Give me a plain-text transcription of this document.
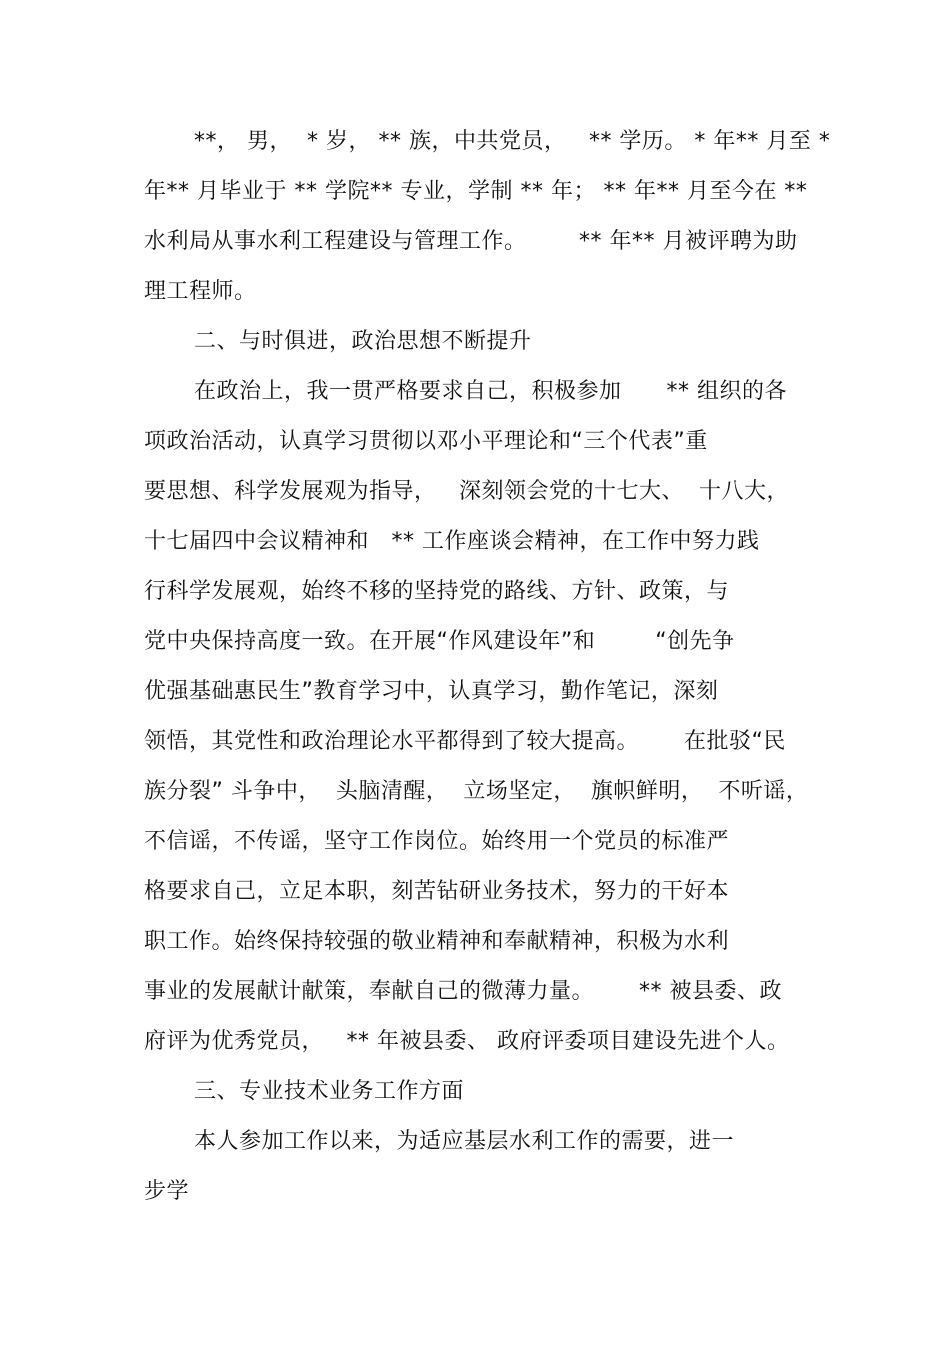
**， 男，  * 岁， ** 族，中共党员，   ** 学历。 * 年** 月至 *
年** 月毕业于 ** 学院** 专业，学制 ** 年； ** 年** 月至今在 **
水利局从事水利工程建设与管理工作。       ** 年** 月被评聘为助
理工程师。
二、与时俱进，政治思想不断提升
在政治上，我一贯严格要求自己，积极参加      ** 组织的各
项政治活动，认真学习贯彻以邓小平理论和“三个代表”重
要思想、科学发展观为指导，   深刻领会党的十七大、  十八大，
十七届四中会议精神和   ** 工作座谈会精神，在工作中努力践
行科学发展观，始终不移的坚持党的路线、方针、政策，与
党中央保持高度一致。在开展“作风建设年”和        “创先争
优强基础惠民生”教育学习中，认真学习，勤作笔记，深刻
领悟，其党性和政治理论水平都得到了较大提高。      在批驳“民
族分裂” 斗争中，  头脑清醒，  立场坚定，  旗帜鲜明，  不听谣，
不信谣，不传谣，坚守工作岗位。始终用一个党员的标准严
格要求自己，立足本职，刻苦钻研业务技术，努力的干好本
职工作。始终保持较强的敬业精神和奉献精神，积极为水利
事业的发展献计献策，奉献自己的微薄力量。      ** 被县委、政
府评为优秀党员，   ** 年被县委、 政府评委项目建设先进个人。
三、专业技术业务工作方面
本人参加工作以来，为适应基层水利工作的需要，进一
步学
